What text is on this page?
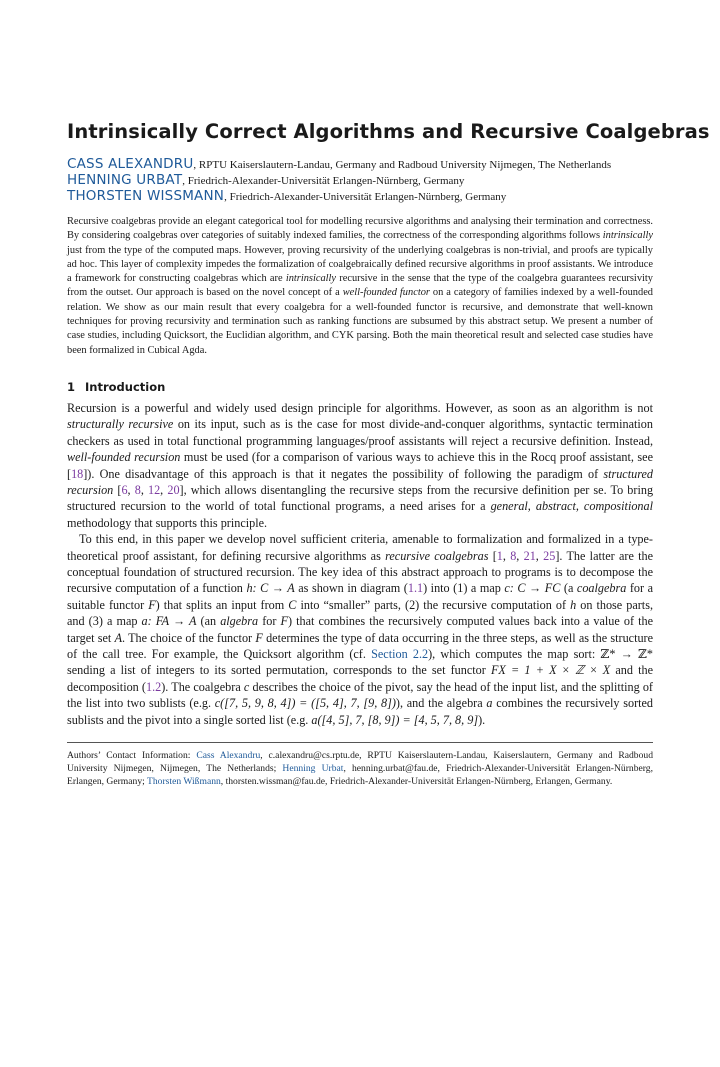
Intrinsically Correct Algorithms and Recursive Coalgebras

CASS ALEXANDRU, RPTU Kaiserslautern-Landau, Germany and Radboud University Nijmegen, The Netherlands

HENNING URBAT, Friedrich-Alexander-Universität Erlangen-Nürnberg, Germany

THORSTEN WISSMANN, Friedrich-Alexander-Universität Erlangen-Nürnberg, Germany

Recursive coalgebras provide an elegant categorical tool for modelling recursive algorithms and analysing their termination and correctness. By considering coalgebras over categories of suitably indexed families, the correctness of the corresponding algorithms follows intrinsically just from the type of the computed maps. However, proving recursivity of the underlying coalgebras is non-trivial, and proofs are typically ad hoc. This layer of complexity impedes the formalization of coalgebraically defined recursive algorithms in proof assistants. We introduce a framework for constructing coalgebras which are intrinsically recursive in the sense that the type of the coalgebra guarantees recursivity from the outset. Our approach is based on the novel concept of a well-founded functor on a category of families indexed by a well-founded relation. We show as our main result that every coalgebra for a well-founded functor is recursive, and demonstrate that well-known techniques for proving recursivity and termination such as ranking functions are subsumed by this abstract setup. We present a number of case studies, including Quicksort, the Euclidian algorithm, and CYK parsing. Both the main theoretical result and selected case studies have been formalized in Cubical Agda.

1 Introduction

Recursion is a powerful and widely used design principle for algorithms. However, as soon as an algorithm is not structurally recursive on its input, such as is the case for most divide-and-conquer algorithms, syntactic termination checkers as used in total functional programming languages/proof assistants will reject a recursive definition. Instead, well-founded recursion must be used (for a comparison of various ways to achieve this in the Rocq proof assistant, see [18]). One disadvantage of this approach is that it negates the possibility of following the paradigm of structured recursion [6, 8, 12, 20], which allows disentangling the recursive steps from the recursive definition per se. To bring structured recursion to the world of total functional programs, a need arises for a general, abstract, compositional methodology that supports this principle.

To this end, in this paper we develop novel sufficient criteria, amenable to formalization and formalized in a type-theoretical proof assistant, for defining recursive algorithms as recursive coalgebras [1, 8, 21, 25]. The latter are the conceptual foundation of structured recursion. The key idea of this abstract approach to programs is to decompose the recursive computation of a function h: C → A as shown in diagram (1.1) into (1) a map c: C → FC (a coalgebra for a suitable functor F) that splits an input from C into “smaller” parts, (2) the recursive computation of h on those parts, and (3) a map a: FA → A (an algebra for F) that combines the recursively computed values back into a value of the target set A. The choice of the functor F determines the type of data occurring in the three steps, as well as the structure of the call tree. For example, the Quicksort algorithm (cf. Section 2.2), which computes the map sort: ℤ* → ℤ* sending a list of integers to its sorted permutation, corresponds to the set functor FX = 1 + X × ℤ × X and the decomposition (1.2). The coalgebra c describes the choice of the pivot, say the head of the input list, and the splitting of the list into two sublists (e.g. c([7, 5, 9, 8, 4]) = ([5, 4], 7, [9, 8])), and the algebra a combines the recursively sorted sublists and the pivot into a single sorted list (e.g. a([4, 5], 7, [8, 9]) = [4, 5, 7, 8, 9]).

Authors’ Contact Information: Cass Alexandru, c.alexandru@cs.rptu.de, RPTU Kaiserslautern-Landau, Kaiserslautern, Germany and Radboud University Nijmegen, Nijmegen, The Netherlands; Henning Urbat, henning.urbat@fau.de, Friedrich-Alexander-Universität Erlangen-Nürnberg, Erlangen, Germany; Thorsten Wißmann, thorsten.wissman@fau.de, Friedrich-Alexander-Universität Erlangen-Nürnberg, Erlangen, Germany.
